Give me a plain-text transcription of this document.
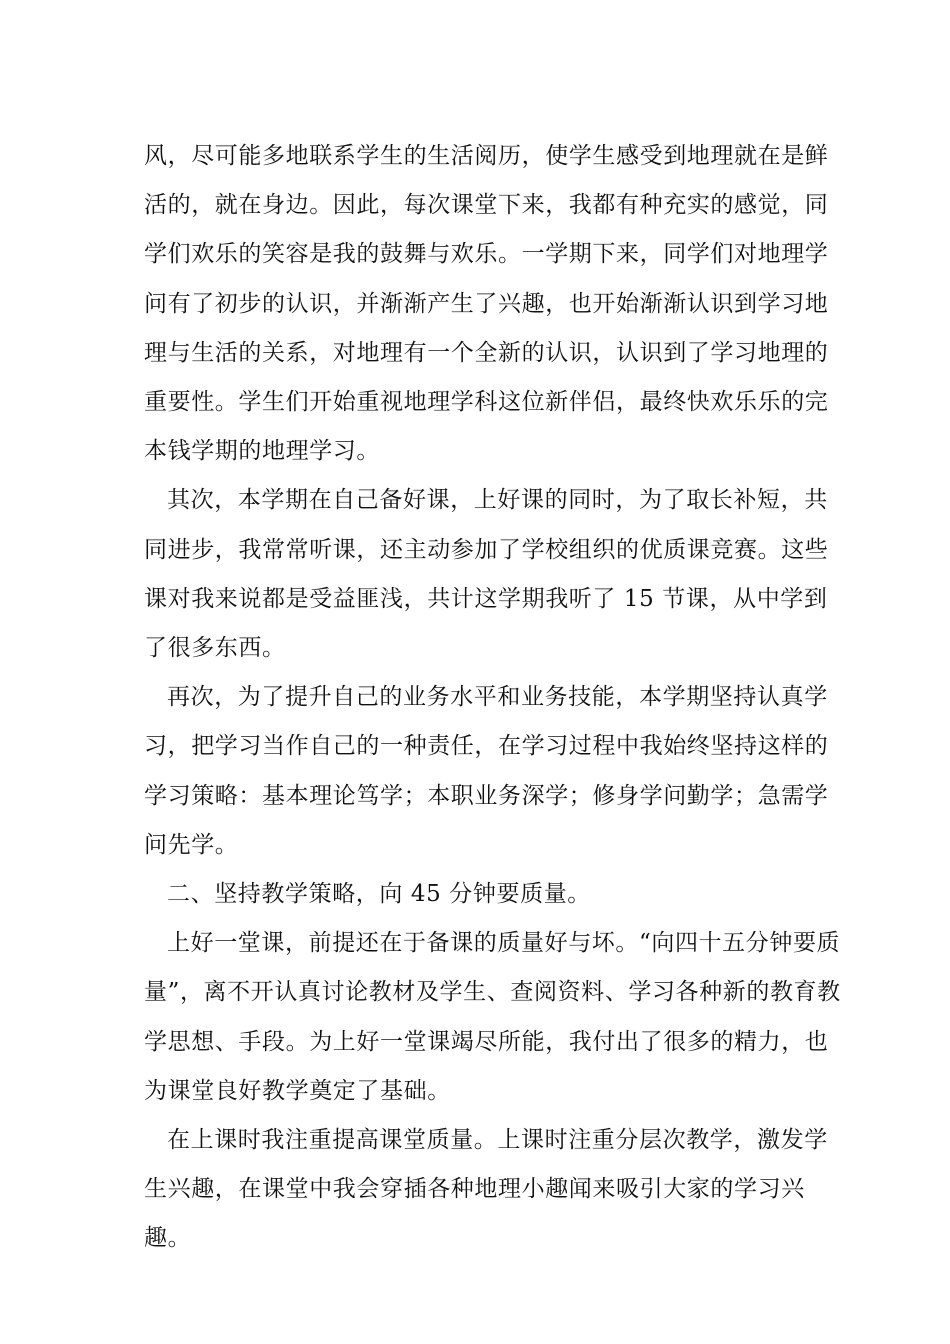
风，尽可能多地联系学生的生活阅历，使学生感受到地理就在是鲜活的，就在身边。因此，每次课堂下来，我都有种充实的感觉，同学们欢乐的笑容是我的鼓舞与欢乐。一学期下来，同学们对地理学问有了初步的认识，并渐渐产生了兴趣，也开始渐渐认识到学习地理与生活的关系，对地理有一个全新的认识，认识到了学习地理的重要性。学生们开始重视地理学科这位新伴侣，最终快欢乐乐的完本钱学期的地理学习。

其次，本学期在自己备好课，上好课的同时，为了取长补短，共同进步，我常常听课，还主动参加了学校组织的优质课竞赛。这些课对我来说都是受益匪浅，共计这学期我听了 15 节课，从中学到了很多东西。

再次，为了提升自己的业务水平和业务技能，本学期坚持认真学习，把学习当作自己的一种责任，在学习过程中我始终坚持这样的学习策略：基本理论笃学；本职业务深学；修身学问勤学；急需学问先学。

二、坚持教学策略，向 45 分钟要质量。

上好一堂课，前提还在于备课的质量好与坏。“向四十五分钟要质量”，离不开认真讨论教材及学生、查阅资料、学习各种新的教育教学思想、手段。为上好一堂课竭尽所能，我付出了很多的精力，也为课堂良好教学奠定了基础。

在上课时我注重提高课堂质量。上课时注重分层次教学，激发学生兴趣，在课堂中我会穿插各种地理小趣闻来吸引大家的学习兴趣。
